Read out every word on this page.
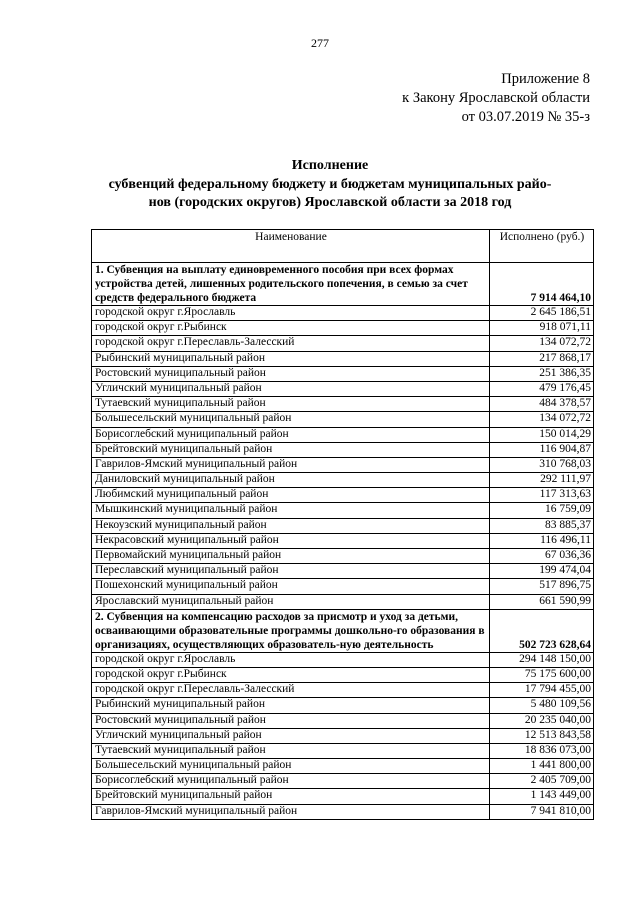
277
Приложение 8
к Закону Ярославской области
от 03.07.2019 № 35-з
Исполнение
субвенций федеральному бюджету и бюджетам муниципальных райо-
нов (городских округов) Ярославской области за 2018 год
Наименование	Исполнено (руб.)
1. Субвенция на выплату единовременного пособия при всех формах устройства детей, лишенных родительского попечения, в семью за счет средств федерального бюджета	7 914 464,10
городской округ г.Ярославль	2 645 186,51
городской округ г.Рыбинск	918 071,11
городской округ г.Переславль-Залесский	134 072,72
Рыбинский муниципальный район	217 868,17
Ростовский муниципальный район	251 386,35
Угличский муниципальный район	479 176,45
Тутаевский муниципальный район	484 378,57
Большесельский муниципальный район	134 072,72
Борисоглебский муниципальный район	150 014,29
Брейтовский муниципальный район	116 904,87
Гаврилов-Ямский муниципальный район	310 768,03
Даниловский муниципальный район	292 111,97
Любимский муниципальный район	117 313,63
Мышкинский муниципальный район	16 759,09
Некоузский муниципальный район	83 885,37
Некрасовский муниципальный район	116 496,11
Первомайский муниципальный район	67 036,36
Переславский муниципальный район	199 474,04
Пошехонский муниципальный район	517 896,75
Ярославский муниципальный район	661 590,99
2. Субвенция на компенсацию расходов за присмотр и уход за детьми, осваивающими образовательные программы дошкольно-го образования в организациях, осуществляющих образователь-ную деятельность	502 723 628,64
городской округ г.Ярославль	294 148 150,00
городской округ г.Рыбинск	75 175 600,00
городской округ г.Переславль-Залесский	17 794 455,00
Рыбинский муниципальный район	5 480 109,56
Ростовский муниципальный район	20 235 040,00
Угличский муниципальный район	12 513 843,58
Тутаевский муниципальный район	18 836 073,00
Большесельский муниципальный район	1 441 800,00
Борисоглебский муниципальный район	2 405 709,00
Брейтовский муниципальный район	1 143 449,00
Гаврилов-Ямский муниципальный район	7 941 810,00
